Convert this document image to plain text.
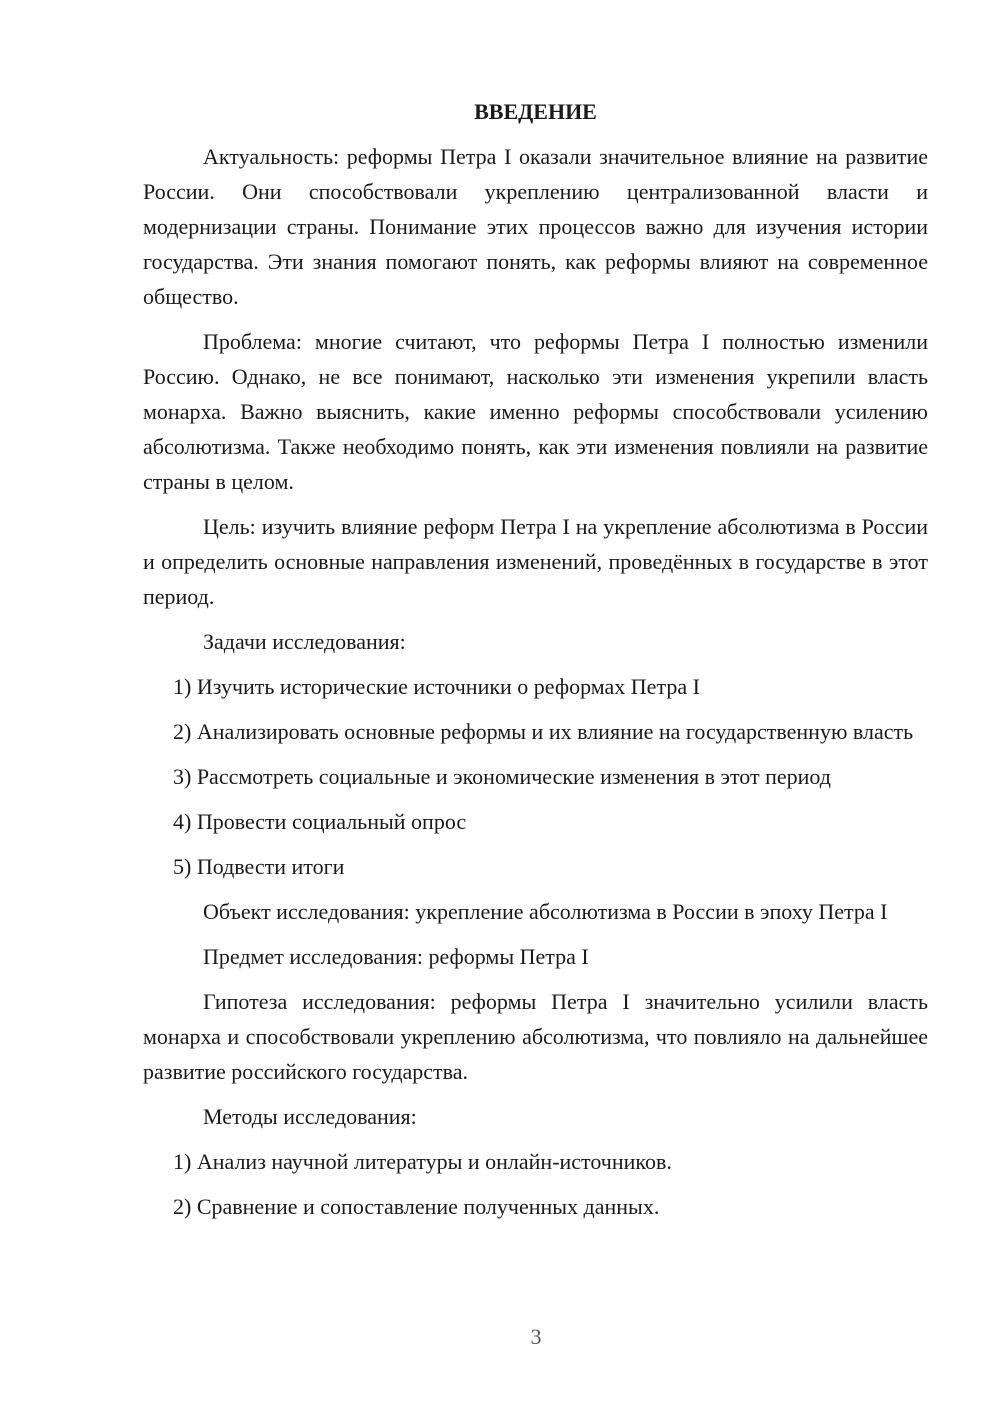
ВВЕДЕНИЕ

Актуальность: реформы Петра I оказали значительное влияние на развитие России. Они способствовали укреплению централизованной власти и модернизации страны. Понимание этих процессов важно для изучения истории государства. Эти знания помогают понять, как реформы влияют на современное общество.

Проблема: многие считают, что реформы Петра I полностью изменили Россию. Однако, не все понимают, насколько эти изменения укрепили власть монарха. Важно выяснить, какие именно реформы способствовали усилению абсолютизма. Также необходимо понять, как эти изменения повлияли на развитие страны в целом.

Цель: изучить влияние реформ Петра I на укрепление абсолютизма в России и определить основные направления изменений, проведённых в государстве в этот период.

Задачи исследования:

1) Изучить исторические источники о реформах Петра I

2) Анализировать основные реформы и их влияние на государственную власть

3) Рассмотреть социальные и экономические изменения в этот период

4) Провести социальный опрос

5) Подвести итоги

Объект исследования: укрепление абсолютизма в России в эпоху Петра I

Предмет исследования: реформы Петра I

Гипотеза исследования: реформы Петра I значительно усилили власть монарха и способствовали укреплению абсолютизма, что повлияло на дальнейшее развитие российского государства.

Методы исследования:

1) Анализ научной литературы и онлайн-источников.

2) Сравнение и сопоставление полученных данных.

3
